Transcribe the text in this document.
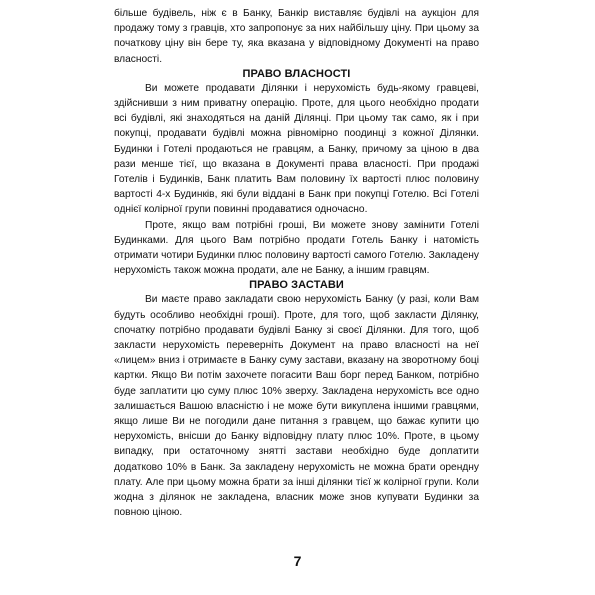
більше будівель, ніж є в Банку, Банкір виставляє будівлі на аукціон для продажу тому з гравців, хто запропонує за них найбільшу ціну. При цьому за початкову ціну він бере ту, яка вказана у відповідному Документі на право власності.

ПРАВО ВЛАСНОСТІ

Ви можете продавати Ділянки і нерухомість будь-якому гравцеві, здійснивши з ним приватну операцію. Проте, для цього необхідно продати всі будівлі, які знаходяться на даній Ділянці. При цьому так само, як і при покупці, продавати будівлі можна рівномірно поодинці з кожної Ділянки. Будинки і Готелі продаються не гравцям, а Банку, причому за ціною в два рази менше тієї, що вказана в Документі права власності. При продажі Готелів і Будинків, Банк платить Вам половину їх вартості плюс половину вартості 4-х Будинків, які були віддані в Банк при покупці Готелю. Всі Готелі однієї колірної групи повинні продаватися одночасно.

Проте, якщо вам потрібні гроші, Ви можете знову замінити Готелі Будинками. Для цього Вам потрібно продати Готель Банку і натомість отримати чотири Будинки плюс половину вартості самого Готелю. Закладену нерухомість також можна продати, але не Банку, а іншим гравцям.

ПРАВО ЗАСТАВИ

Ви маєте право закладати свою нерухомість Банку (у разі, коли Вам будуть особливо необхідні гроші). Проте, для того, щоб закласти Ділянку, спочатку потрібно продавати будівлі Банку зі своєї Ділянки. Для того, щоб закласти нерухомість переверніть Документ на право власності на неї «лицем» вниз і отримаєте в Банку суму застави, вказану на зворотному боці картки. Якщо Ви потім захочете погасити Ваш борг перед Банком, потрібно буде заплатити цю суму плюс 10% зверху. Закладена нерухомість все одно залишається Вашою власністю і не може бути викуплена іншими гравцями, якщо лише Ви не погодили дане питання з гравцем, що бажає купити цю нерухомість, внісши до Банку відповідну плату плюс 10%. Проте, в цьому випадку, при остаточному знятті застави необхідно буде доплатити додатково 10% в Банк. За закладену нерухомість не можна брати орендну плату. Але при цьому можна брати за інші ділянки тієї ж колірної групи. Коли жодна з ділянок не закладена, власник може знов купувати Будинки за повною ціною.

7
